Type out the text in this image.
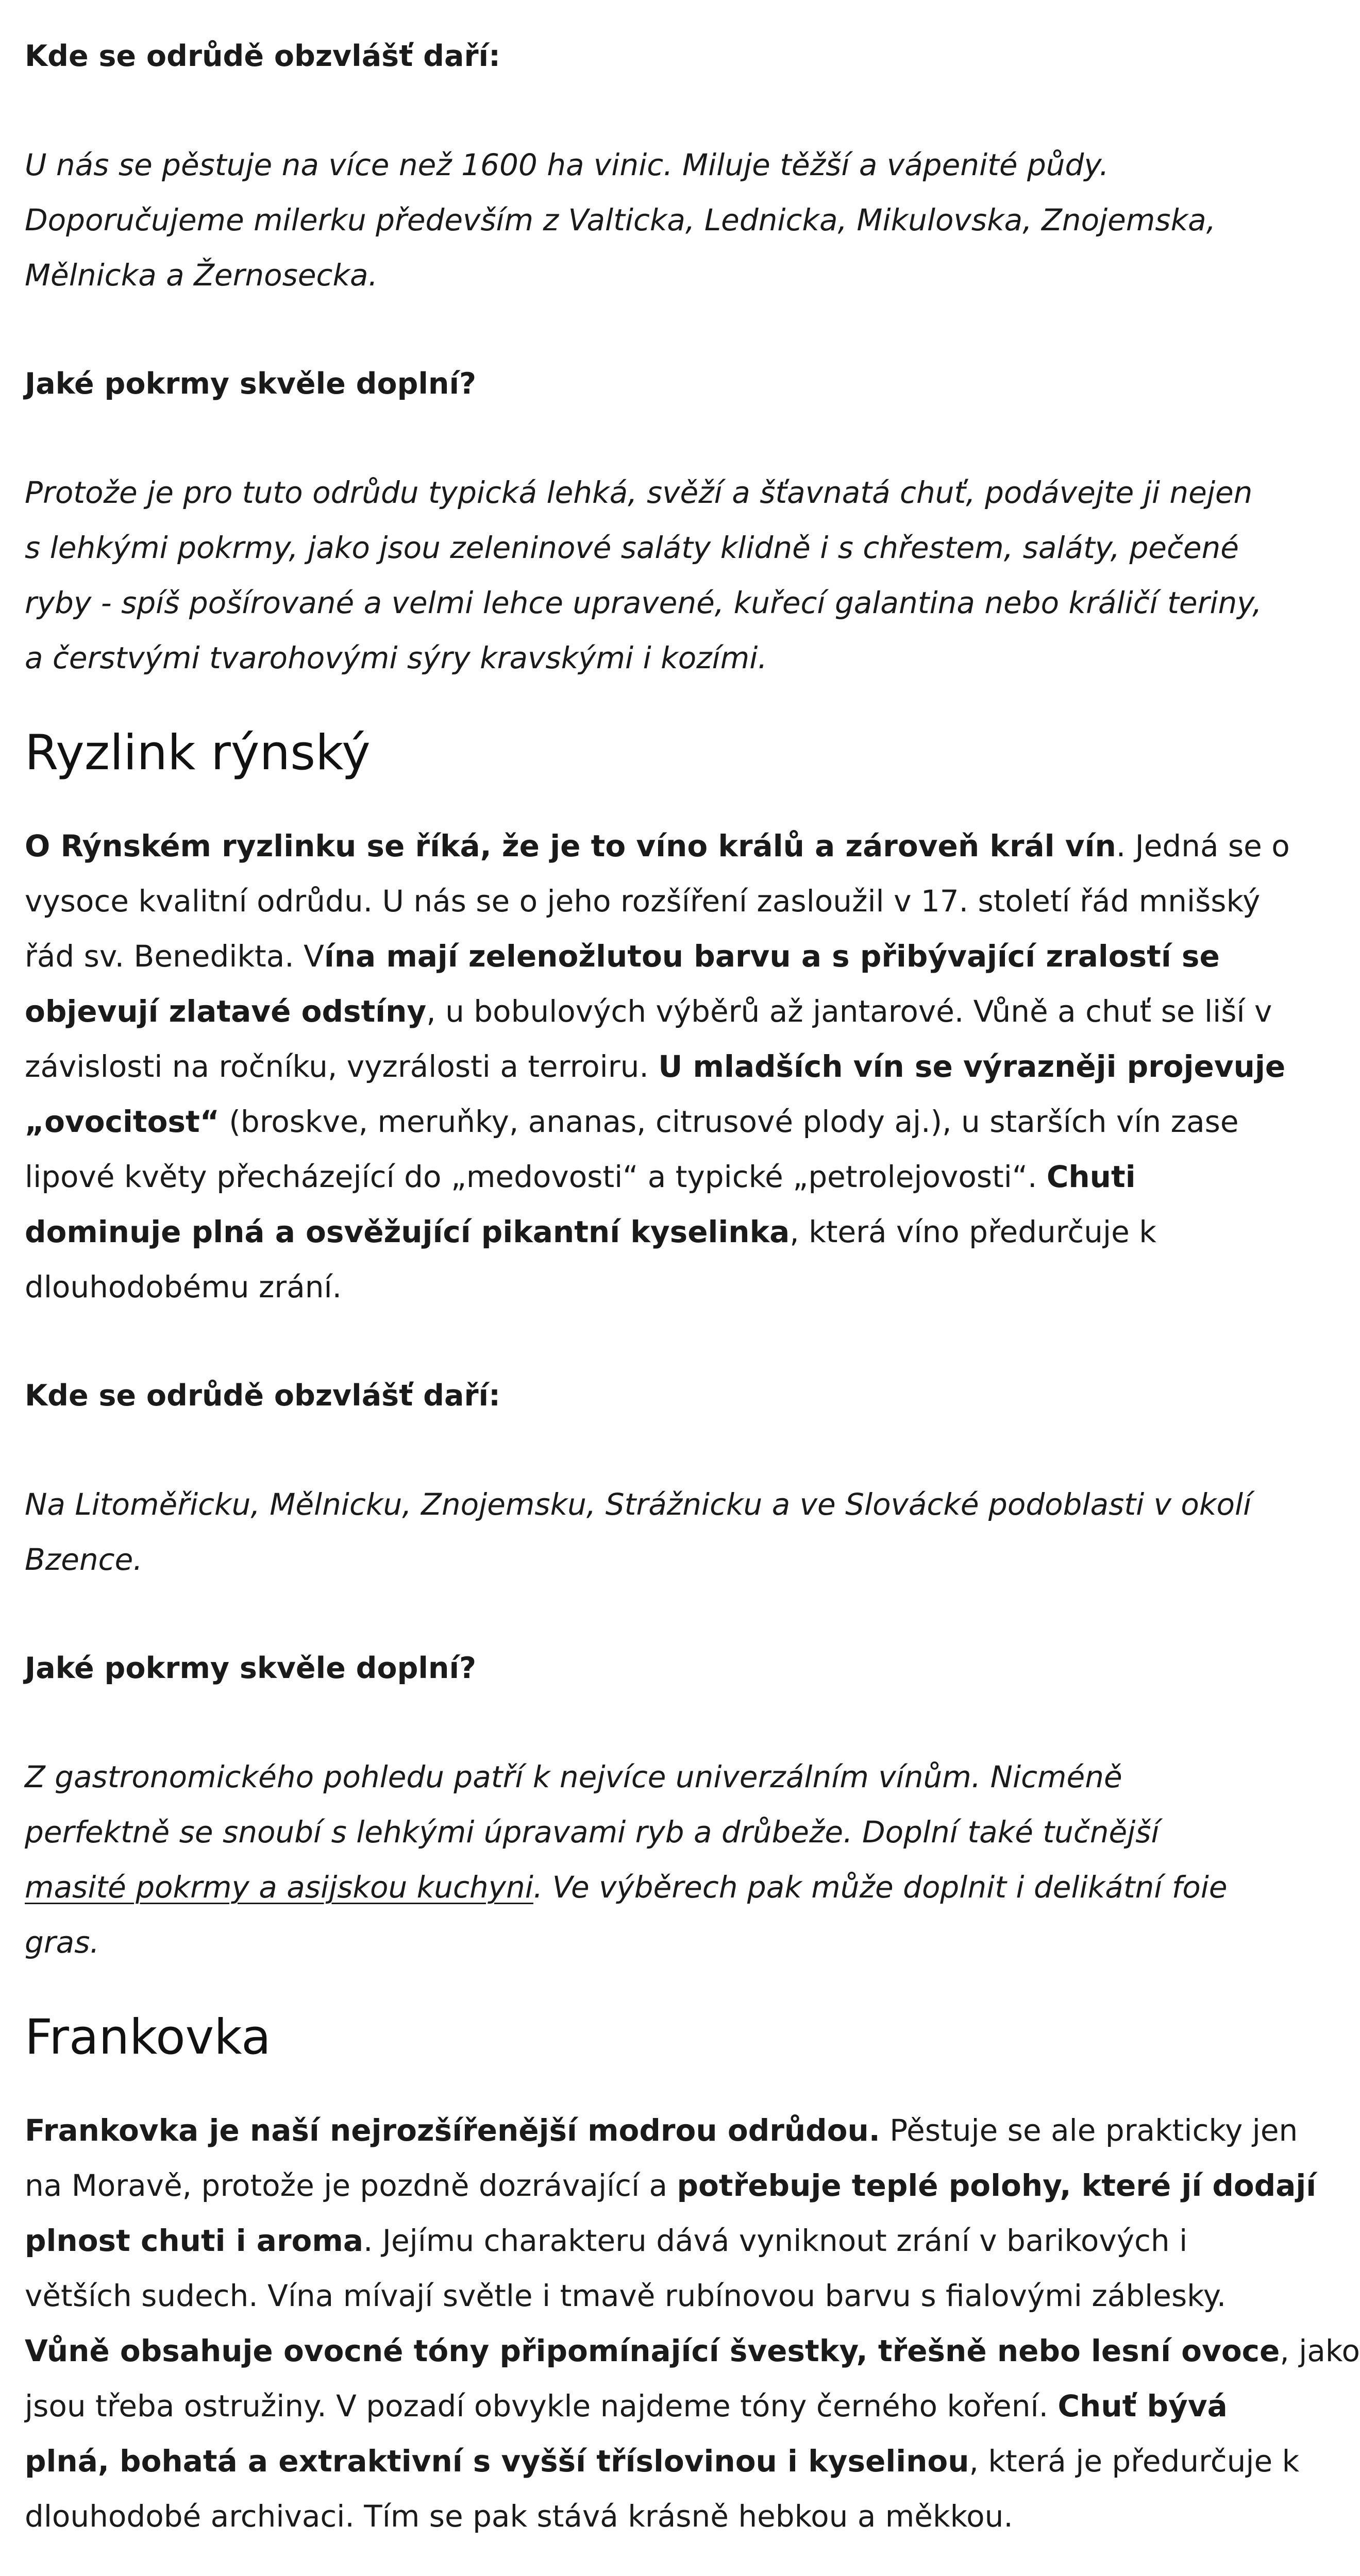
Kde se odrůdě obzvlášť daří:

U nás se pěstuje na více než 1600 ha vinic. Miluje těžší a vápenité půdy.
Doporučujeme milerku především z Valticka, Lednicka, Mikulovska, Znojemska,
Mělnicka a Žernosecka.

Jaké pokrmy skvěle doplní?

Protože je pro tuto odrůdu typická lehká, svěží a šťavnatá chuť, podávejte ji nejen
s lehkými pokrmy, jako jsou zeleninové saláty klidně i s chřestem, saláty, pečené
ryby - spíš pošírované a velmi lehce upravené, kuřecí galantina nebo králičí teriny,
a čerstvými tvarohovými sýry kravskými i kozími.

Ryzlink rýnský

O Rýnském ryzlinku se říká, že je to víno králů a zároveň král vín. Jedná se o
vysoce kvalitní odrůdu. U nás se o jeho rozšíření zasloužil v 17. století řád mnišský
řád sv. Benedikta. Vína mají zelenožlutou barvu a s přibývající zralostí se
objevují zlatavé odstíny, u bobulových výběrů až jantarové. Vůně a chuť se liší v
závislosti na ročníku, vyzrálosti a terroiru. U mladších vín se výrazněji projevuje
„ovocitost“ (broskve, meruňky, ananas, citrusové plody aj.), u starších vín zase
lipové květy přecházející do „medovosti“ a typické „petrolejovosti“. Chuti
dominuje plná a osvěžující pikantní kyselinka, která víno předurčuje k
dlouhodobému zrání.

Kde se odrůdě obzvlášť daří:

Na Litoměřicku, Mělnicku, Znojemsku, Strážnicku a ve Slovácké podoblasti v okolí
Bzence.

Jaké pokrmy skvěle doplní?

Z gastronomického pohledu patří k nejvíce univerzálním vínům. Nicméně
perfektně se snoubí s lehkými úpravami ryb a drůbeže. Doplní také tučnější
masité pokrmy a asijskou kuchyni. Ve výběrech pak může doplnit i delikátní foie
gras.

Frankovka

Frankovka je naší nejrozšířenější modrou odrůdou. Pěstuje se ale prakticky jen
na Moravě, protože je pozdně dozrávající a potřebuje teplé polohy, které jí dodají
plnost chuti i aroma. Jejímu charakteru dává vyniknout zrání v barikových i
větších sudech. Vína mívají světle i tmavě rubínovou barvu s fialovými záblesky.
Vůně obsahuje ovocné tóny připomínající švestky, třešně nebo lesní ovoce, jako
jsou třeba ostružiny. V pozadí obvykle najdeme tóny černého koření. Chuť bývá
plná, bohatá a extraktivní s vyšší tříslovinou i kyselinou, která je předurčuje k
dlouhodobé archivaci. Tím se pak stává krásně hebkou a měkkou.
